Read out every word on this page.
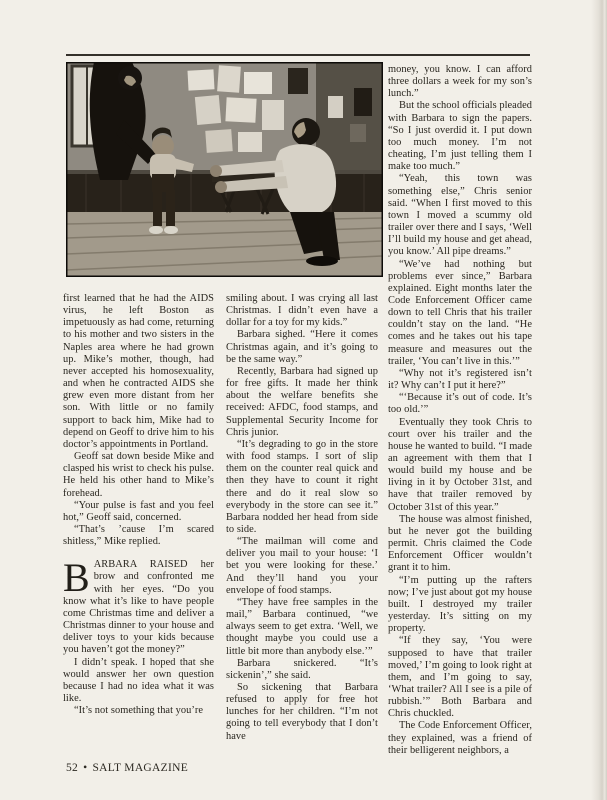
first learned that he had the AIDS virus, he left Boston as impetuously as had come, returning to his mother and two sisters in the Naples area where he had grown up. Mike’s mother, though, had never accepted his homosexuality, and when he contracted AIDS she grew even more distant from her son. With little or no family support to back him, Mike had to depend on Geoff to drive him to his doctor’s appointments in Portland.

Geoff sat down beside Mike and clasped his wrist to check his pulse. He held his other hand to Mike’s forehead.

“Your pulse is fast and you feel hot,” Geoff said, concerned.

“That’s ’cause I’m scared shitless,” Mike replied.

BARBARA RAISED her brow and confronted me with her eyes. “Do you know what it’s like to have people come Christmas time and deliver a Christmas dinner to your house and deliver toys to your kids because you haven’t got the money?”

I didn’t speak. I hoped that she would answer her own question because I had no idea what it was like.

“It’s not something that you’re

smiling about. I was crying all last Christmas. I didn’t even have a dollar for a toy for my kids.”

Barbara sighed. “Here it comes Christmas again, and it’s going to be the same way.”

Recently, Barbara had signed up for free gifts. It made her think about the welfare benefits she received: AFDC, food stamps, and Supplemental Security Income for Chris junior.

“It’s degrading to go in the store with food stamps. I sort of slip them on the counter real quick and then they have to count it right there and do it real slow so everybody in the store can see it.” Barbara nodded her head from side to side.

“The mailman will come and deliver you mail to your house: ‘I bet you were looking for these.’ And they’ll hand you your envelope of food stamps.

“They have free samples in the mail,” Barbara continued, “we always seem to get extra. ‘Well, we thought maybe you could use a little bit more than anybody else.’”

Barbara snickered. “It’s sickenin’,” she said.

So sickening that Barbara refused to apply for free hot lunches for her children. “I’m not going to tell everybody that I don’t have

money, you know. I can afford three dollars a week for my son’s lunch.”

But the school officials pleaded with Barbara to sign the papers. “So I just overdid it. I put down too much money. I’m not cheating, I’m just telling them I make too much.”

“Yeah, this town was something else,” Chris senior said. “When I first moved to this town I moved a scummy old trailer over there and I says, ‘Well I’ll build my house and get ahead, you know.’ All pipe dreams.”

“We’ve had nothing but problems ever since,” Barbara explained. Eight months later the Code Enforcement Officer came down to tell Chris that his trailer couldn’t stay on the land. “He comes and he takes out his tape measure and measures out the trailer, ‘You can’t live in this.’”

“Why not it’s registered isn’t it? Why can’t I put it here?”

“‘Because it’s out of code. It’s too old.’”

Eventually they took Chris to court over his trailer and the house he wanted to build. “I made an agreement with them that I would build my house and be living in it by October 31st, and have that trailer removed by October 31st of this year.”

The house was almost finished, but he never got the building permit. Chris claimed the Code Enforcement Officer wouldn’t grant it to him.

“I’m putting up the rafters now; I’ve just about got my house built. I destroyed my trailer yesterday. It’s sitting on my property.

“If they say, ‘You were supposed to have that trailer moved,’ I’m going to look right at them, and I’m going to say, ‘What trailer? All I see is a pile of rubbish.’” Both Barbara and Chris chuckled.

The Code Enforcement Officer, they explained, was a friend of their belligerent neighbors, a

52 • SALT MAGAZINE
